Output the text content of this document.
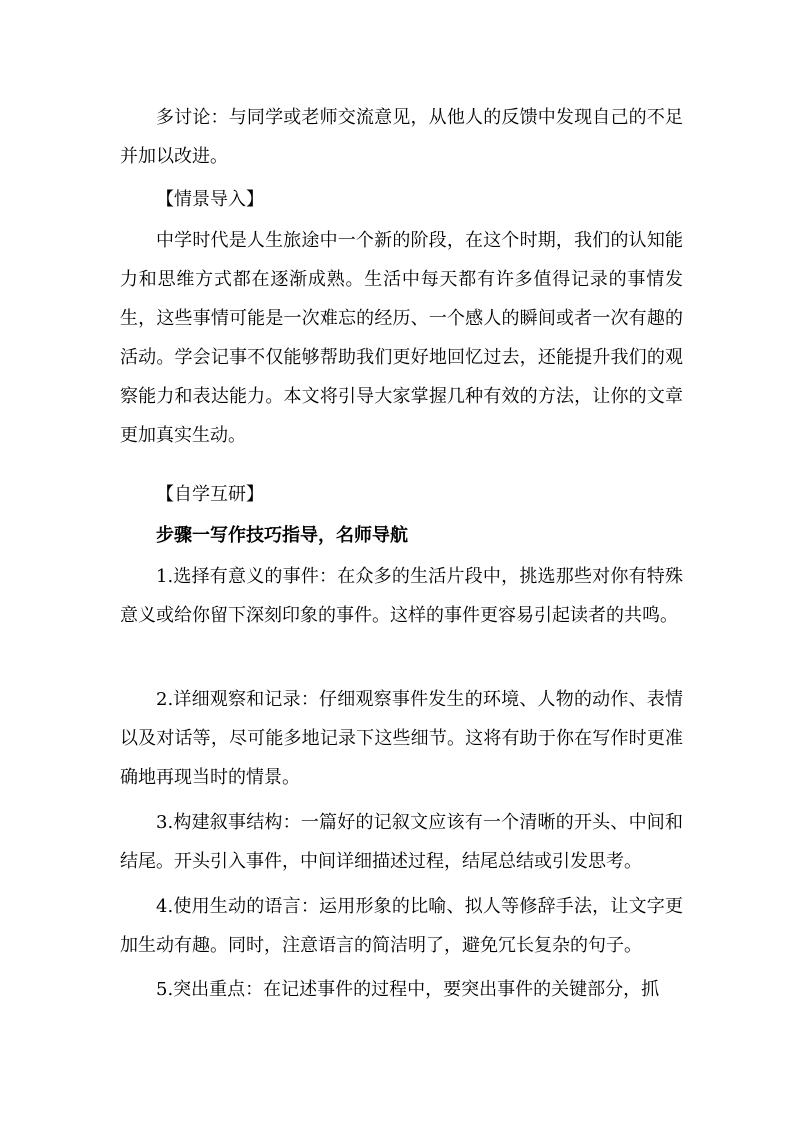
多讨论：与同学或老师交流意见，从他人的反馈中发现自己的不足并加以改进。

【情景导入】

中学时代是人生旅途中一个新的阶段，在这个时期，我们的认知能力和思维方式都在逐渐成熟。生活中每天都有许多值得记录的事情发生，这些事情可能是一次难忘的经历、一个感人的瞬间或者一次有趣的活动。学会记事不仅能够帮助我们更好地回忆过去，还能提升我们的观察能力和表达能力。本文将引导大家掌握几种有效的方法，让你的文章更加真实生动。

【自学互研】

步骤一写作技巧指导，名师导航

1.选择有意义的事件：在众多的生活片段中，挑选那些对你有特殊意义或给你留下深刻印象的事件。这样的事件更容易引起读者的共鸣。

2.详细观察和记录：仔细观察事件发生的环境、人物的动作、表情以及对话等，尽可能多地记录下这些细节。这将有助于你在写作时更准确地再现当时的情景。

3.构建叙事结构：一篇好的记叙文应该有一个清晰的开头、中间和结尾。开头引入事件，中间详细描述过程，结尾总结或引发思考。

4.使用生动的语言：运用形象的比喻、拟人等修辞手法，让文字更加生动有趣。同时，注意语言的简洁明了，避免冗长复杂的句子。

5.突出重点：在记述事件的过程中，要突出事件的关键部分，抓
